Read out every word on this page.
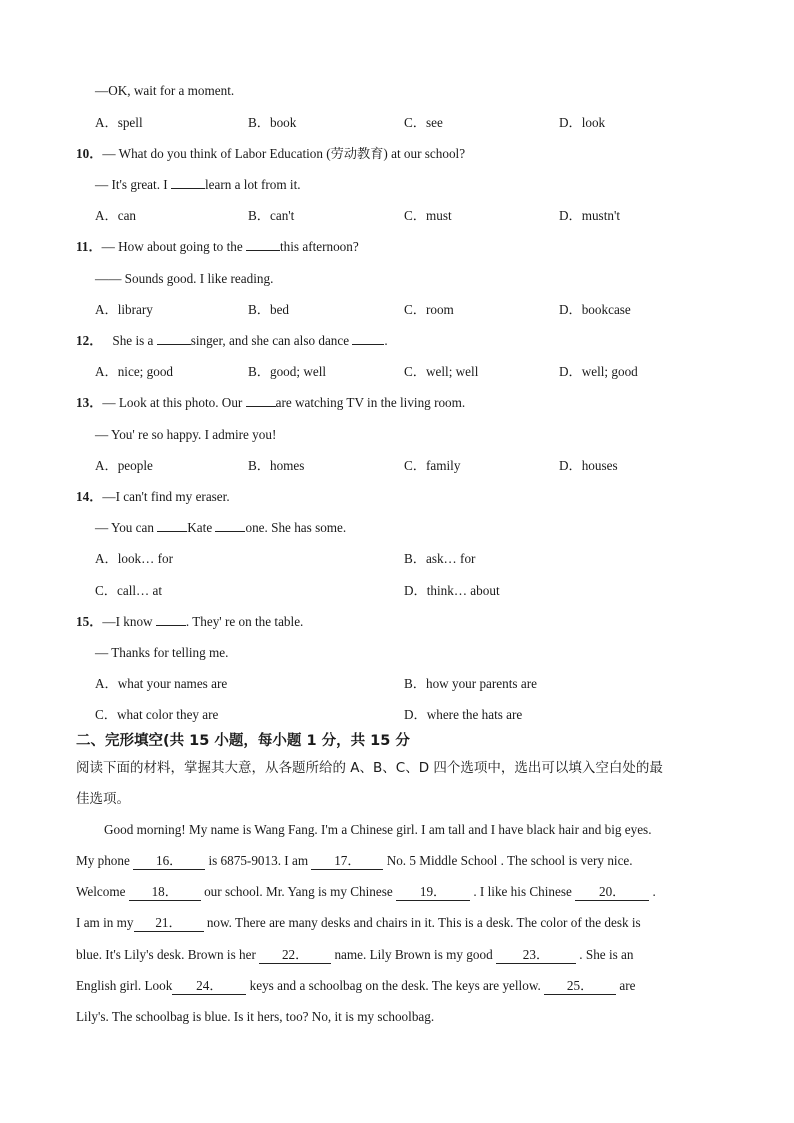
—OK, wait for a moment.
A．spell	B．book	C．see	D．look
10．— What do you think of Labor Education (劳动教育) at our school?
— It's great. I	learn a lot from it.
A．can	B．can't	C．must	D．mustn't
11．— How about going to the	this afternoon?
—— Sounds good. I like reading.
A．library	B．bed	C．room	D．bookcase
12． She is a	singer, and she can also dance .
A．nice; good	B．good; well	C．well; well	D．well; good
13．— Look at this photo. Our are watching TV in the living room.
— You' re so happy. I admire you!
A．people	B．homes	C．family	D．houses
14．—I can't find my eraser.
— You can Kate one. She has some.
A．look… for	B．ask… for
C．call… at	D．think… about
15．—I know . They' re on the table.
— Thanks for telling me.
A．what your names are	B．how your parents are
C．what color they are	D．where the hats are
二、完形填空(共 15 小题，每小题 1 分，共 15 分
阅读下面的材料，掌握其大意，从各题所给的 A、B、C、D 四个选项中，选出可以填入空白处的最
佳选项。
Good morning! My name is Wang Fang. I'm a Chinese girl. I am tall and I have black hair and big eyes.
My phone 16． is 6875-9013. I am 17． No. 5 Middle School . The school is very nice.
Welcome 18． our school. Mr. Yang is my Chinese 19． . I like his Chinese 20． .
I am in my 21． now. There are many desks and chairs in it. This is a desk. The color of the desk is
blue. It's Lily's desk. Brown is her 22． name. Lily Brown is my good 23． . She is an
English girl. Look 24． keys and a schoolbag on the desk. The keys are yellow. 25． are
Lily's. The schoolbag is blue. Is it hers, too? No, it is my schoolbag.
